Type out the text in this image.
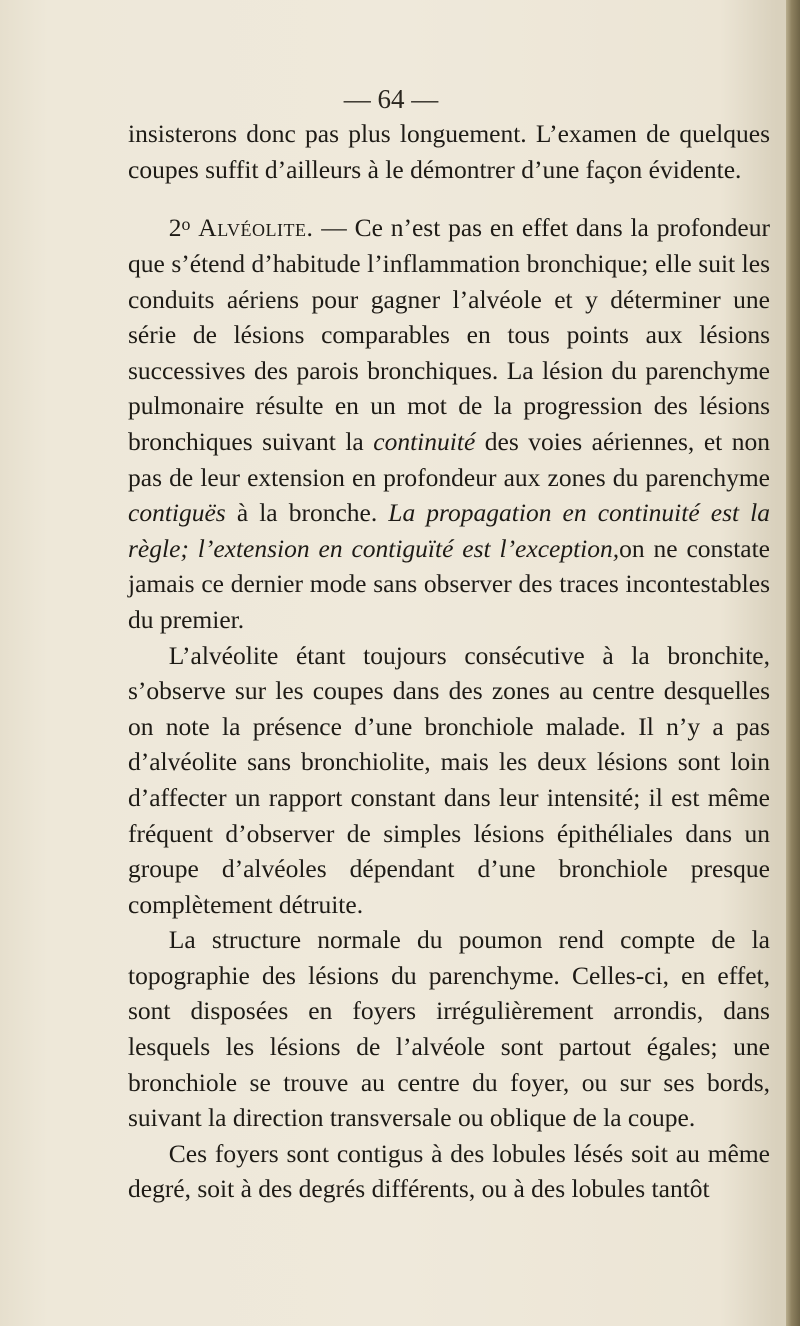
— 64 —

insisterons donc pas plus longuement. L’examen de quelques coupes suffit d’ailleurs à le démontrer d’une façon évidente.

2$^o$ Alvéolite. — Ce n’est pas en effet dans la profondeur que s’étend d’habitude l’inflammation bronchique; elle suit les conduits aériens pour gagner l’alvéole et y déterminer une série de lésions comparables en tous points aux lésions successives des parois bronchiques. La lésion du parenchyme pulmonaire résulte en un mot de la progression des lésions bronchiques suivant la continuité des voies aériennes, et non pas de leur extension en profondeur aux zones du parenchyme contiguës à la bronche. La propagation en continuité est la règle; l’extension en contiguïté est l’exception,on ne constate jamais ce dernier mode sans observer des traces incontestables du premier.

L’alvéolite étant toujours consécutive à la bronchite, s’observe sur les coupes dans des zones au centre desquelles on note la présence d’une bronchiole malade. Il n’y a pas d’alvéolite sans bronchiolite, mais les deux lésions sont loin d’affecter un rapport constant dans leur intensité; il est même fréquent d’observer de simples lésions épithéliales dans un groupe d’alvéoles dépendant d’une bronchiole presque complètement détruite.

La structure normale du poumon rend compte de la topographie des lésions du parenchyme. Celles-ci, en effet, sont disposées en foyers irrégulièrement arrondis, dans lesquels les lésions de l’alvéole sont partout égales; une bronchiole se trouve au centre du foyer, ou sur ses bords, suivant la direction transversale ou oblique de la coupe.

Ces foyers sont contigus à des lobules lésés soit au même degré, soit à des degrés différents, ou à des lobules tantôt
